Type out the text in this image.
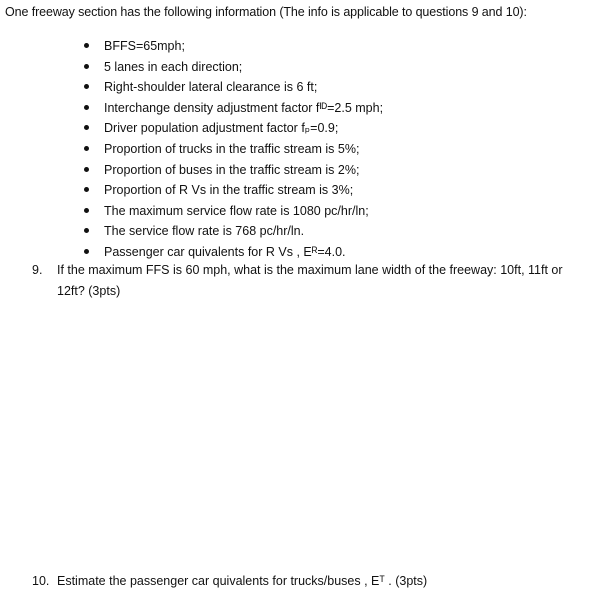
One freeway section has the following information (The info is applicable to questions 9 and 10):
BFFS=65mph;
5 lanes in each direction;
Right-shoulder lateral clearance is 6 ft;
Interchange density adjustment factor fᴵᴰ=2.5 mph;
Driver population adjustment factor fₚ=0.9;
Proportion of trucks in the traffic stream is 5%;
Proportion of buses in the traffic stream is 2%;
Proportion of R Vs in the traffic stream is 3%;
The maximum service flow rate is 1080 pc/hr/ln;
The service flow rate is 768 pc/hr/ln.
Passenger car quivalents for R Vs , Eᴿ=4.0.
9. If the maximum FFS is 60 mph, what is the maximum lane width of the freeway: 10ft, 11ft or
12ft? (3pts)
10. Estimate the passenger car quivalents for trucks/buses , Eᵀ . (3pts)
